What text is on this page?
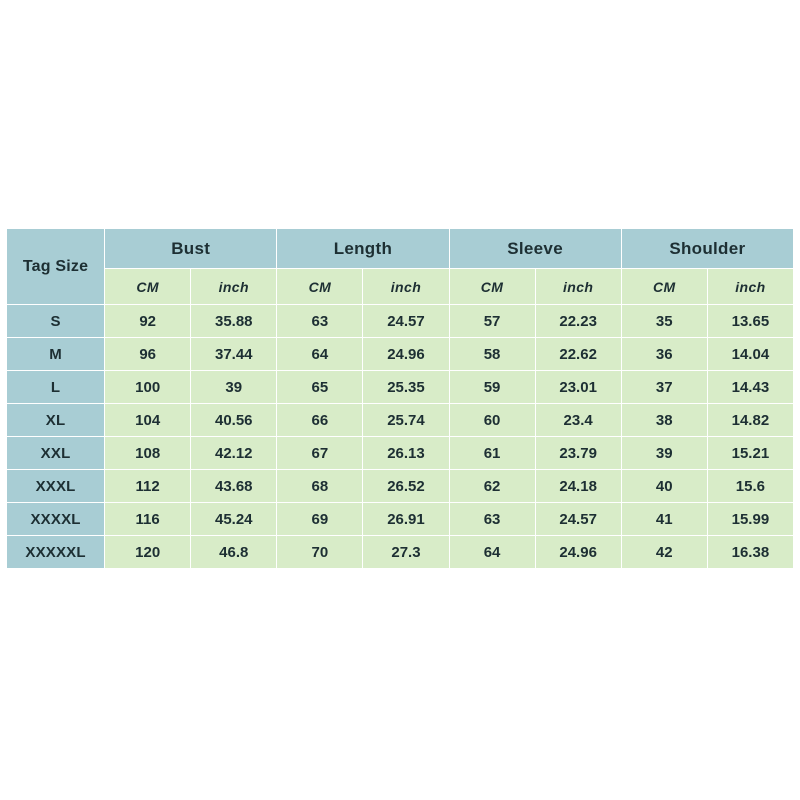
Tag Size	Bust		Length		Sleeve		Shoulder	
	CM	inch	CM	inch	CM	inch	CM	inch
S	92	35.88	63	24.57	57	22.23	35	13.65
M	96	37.44	64	24.96	58	22.62	36	14.04
L	100	39	65	25.35	59	23.01	37	14.43
XL	104	40.56	66	25.74	60	23.4	38	14.82
XXL	108	42.12	67	26.13	61	23.79	39	15.21
XXXL	112	43.68	68	26.52	62	24.18	40	15.6
XXXXL	116	45.24	69	26.91	63	24.57	41	15.99
XXXXXL	120	46.8	70	27.3	64	24.96	42	16.38
